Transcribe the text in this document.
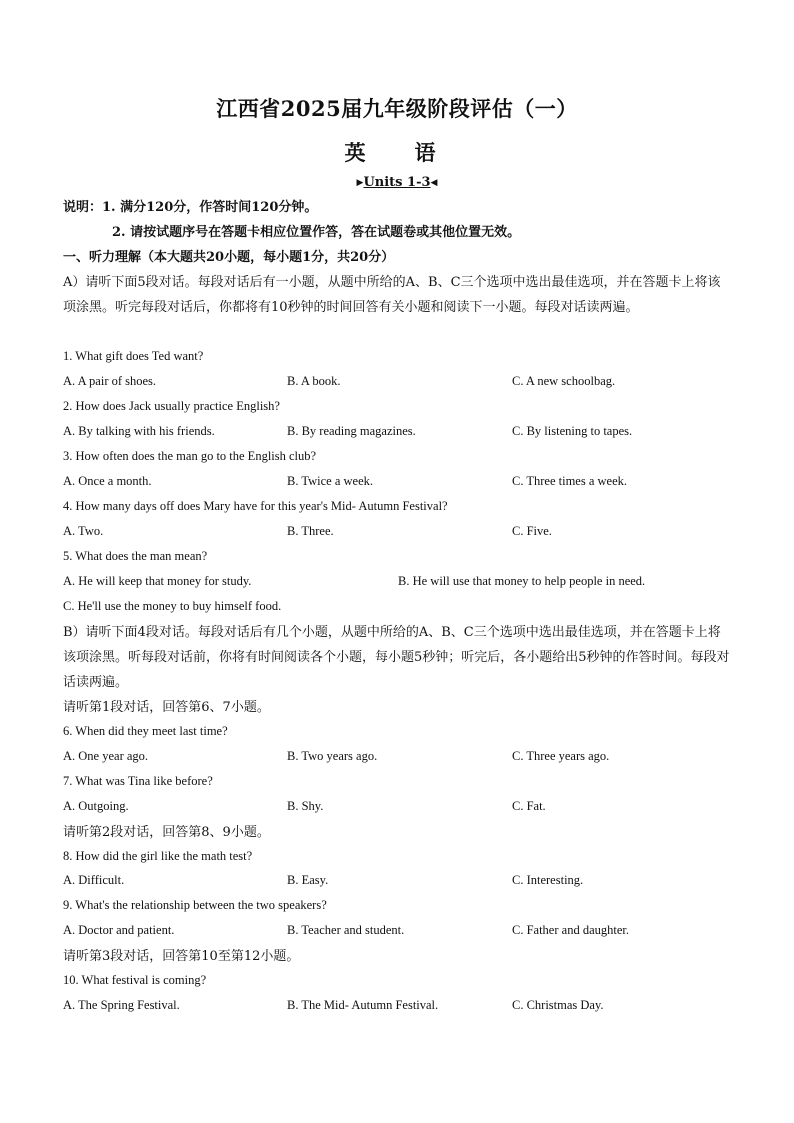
江西省2025届九年级阶段评估（一）
英　语
▶Units 1-3◀
说明：1. 满分120分，作答时间120分钟。
2. 请按试题序号在答题卡相应位置作答，答在试题卷或其他位置无效。
一、听力理解（本大题共20小题，每小题1分，共20分）
A）请听下面5段对话。每段对话后有一小题，从题中所给的A、B、C三个选项中选出最佳选项，并在答题卡上将该项涂黑。听完每段对话后，你都将有10秒钟的时间回答有关小题和阅读下一小题。每段对话读两遍。
1. What gift does Ted want?
A. A pair of shoes.	B. A book.	C. A new schoolbag.
2. How does Jack usually practice English?
A. By talking with his friends.	B. By reading magazines.	C. By listening to tapes.
3. How often does the man go to the English club?
A. Once a month.	B. Twice a week.	C. Three times a week.
4. How many days off does Mary have for this year's Mid- Autumn Festival?
A. Two.	B. Three.	C. Five.
5. What does the man mean?
A. He will keep that money for study.	B. He will use that money to help people in need.
C. He'll use the money to buy himself food.
B）请听下面4段对话。每段对话后有几个小题，从题中所给的A、B、C三个选项中选出最佳选项，并在答题卡上将该项涂黑。听每段对话前，你将有时间阅读各个小题，每小题5秒钟；听完后，各小题给出5秒钟的作答时间。每段对话读两遍。
请听第1段对话，回答第6、7小题。
6. When did they meet last time?
A. One year ago.	B. Two years ago.	C. Three years ago.
7. What was Tina like before?
A. Outgoing.	B. Shy.	C. Fat.
请听第2段对话，回答第8、9小题。
8. How did the girl like the math test?
A. Difficult.	B. Easy.	C. Interesting.
9. What's the relationship between the two speakers?
A. Doctor and patient.	B. Teacher and student.	C. Father and daughter.
请听第3段对话，回答第10至第12小题。
10. What festival is coming?
A. The Spring Festival.	B. The Mid- Autumn Festival.	C. Christmas Day.
